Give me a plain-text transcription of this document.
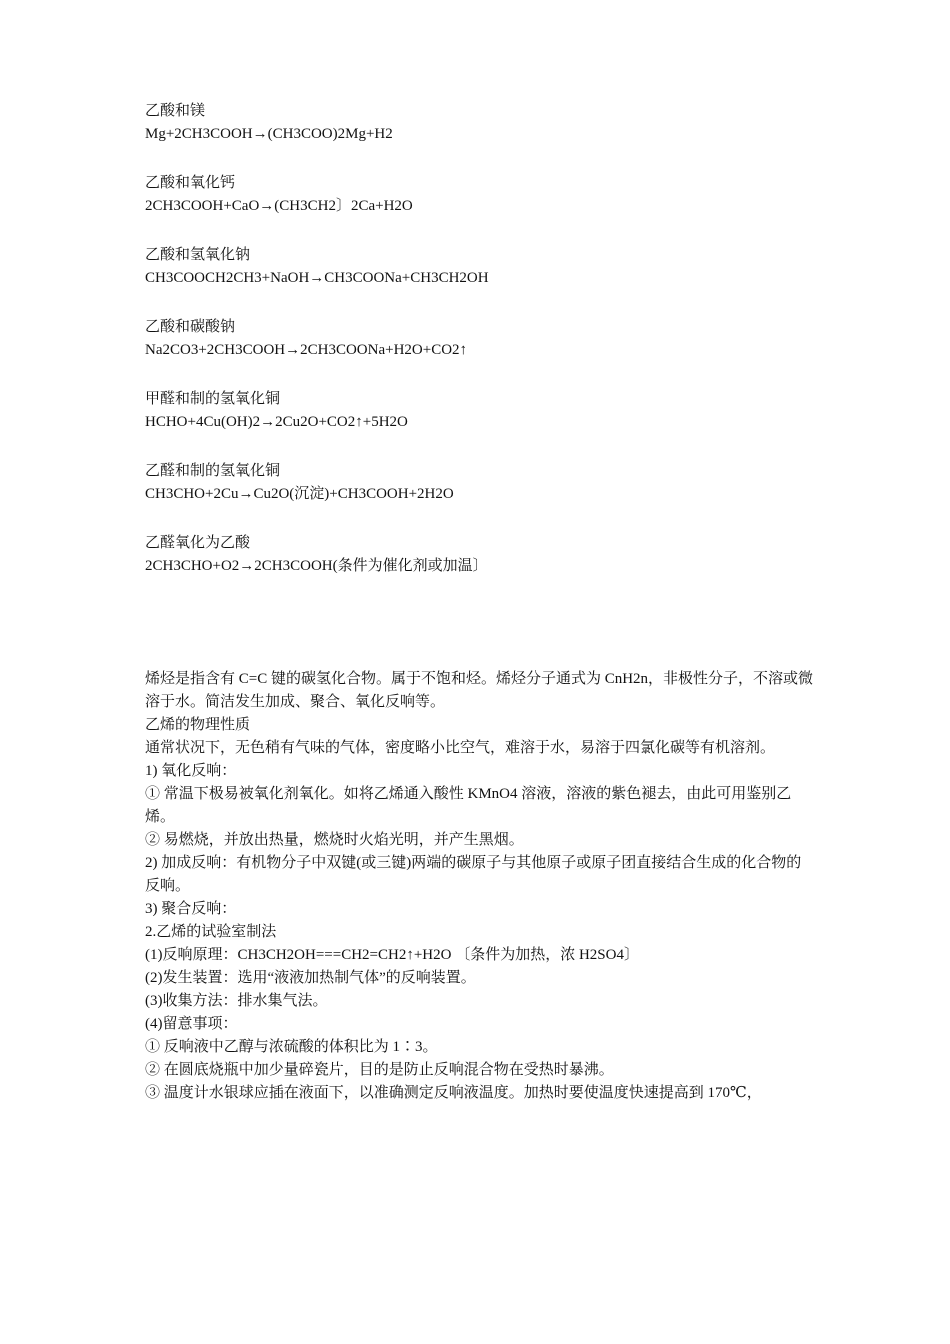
乙酸和镁
Mg+2CH3COOH→(CH3COO)2Mg+H2
乙酸和氧化钙
2CH3COOH+CaO→(CH3CH2〕2Ca+H2O
乙酸和氢氧化钠
CH3COOCH2CH3+NaOH→CH3COONa+CH3CH2OH
乙酸和碳酸钠
Na2CO3+2CH3COOH→2CH3COONa+H2O+CO2↑
甲醛和制的氢氧化铜
HCHO+4Cu(OH)2→2Cu2O+CO2↑+5H2O
乙醛和制的氢氧化铜
CH3CHO+2Cu→Cu2O(沉淀)+CH3COOH+2H2O
乙醛氧化为乙酸
2CH3CHO+O2→2CH3COOH(条件为催化剂或加温〕
烯烃是指含有 C=C 键的碳氢化合物。属于不饱和烃。烯烃分子通式为 CnH2n，非极性分子，不溶或微溶于水。简洁发生加成、聚合、氧化反响等。
乙烯的物理性质
通常状况下，无色稍有气味的气体，密度略小比空气，难溶于水，易溶于四氯化碳等有机溶剂。
1) 氧化反响：
① 常温下极易被氧化剂氧化。如将乙烯通入酸性 KMnO4 溶液，溶液的紫色褪去，由此可用鉴别乙烯。
② 易燃烧，并放出热量，燃烧时火焰光明，并产生黑烟。
2) 加成反响：有机物分子中双键(或三键)两端的碳原子与其他原子或原子团直接结合生成的化合物的反响。
3) 聚合反响：
2.乙烯的试验室制法
(1)反响原理：CH3CH2OH===CH2=CH2↑+H2O 〔条件为加热，浓 H2SO4〕
(2)发生装置：选用“液液加热制气体”的反响装置。
(3)收集方法：排水集气法。
(4)留意事项：
① 反响液中乙醇与浓硫酸的体积比为 1∶3。
② 在圆底烧瓶中加少量碎瓷片，目的是防止反响混合物在受热时暴沸。
③ 温度计水银球应插在液面下，以准确测定反响液温度。加热时要使温度快速提高到 170℃，
